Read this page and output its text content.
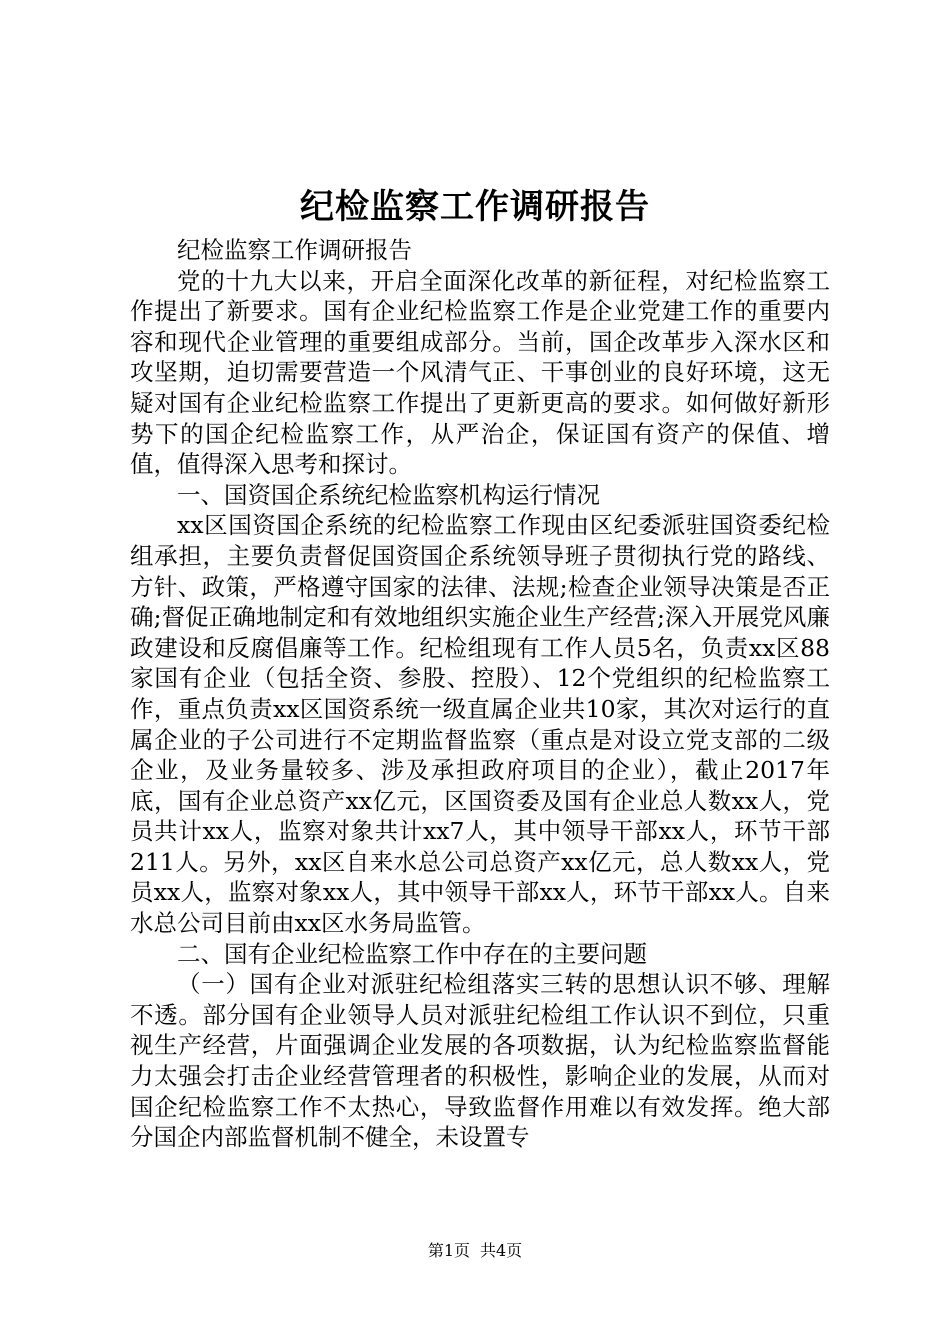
纪检监察工作调研报告

纪检监察工作调研报告

党的十九大以来，开启全面深化改革的新征程，对纪检监察工作提出了新要求。国有企业纪检监察工作是企业党建工作的重要内容和现代企业管理的重要组成部分。当前，国企改革步入深水区和攻坚期，迫切需要营造一个风清气正、干事创业的良好环境，这无疑对国有企业纪检监察工作提出了更新更高的要求。如何做好新形势下的国企纪检监察工作，从严治企，保证国有资产的保值、增值，值得深入思考和探讨。

一、国资国企系统纪检监察机构运行情况

xx区国资国企系统的纪检监察工作现由区纪委派驻国资委纪检组承担，主要负责督促国资国企系统领导班子贯彻执行党的路线、方针、政策，严格遵守国家的法律、法规;检查企业领导决策是否正确;督促正确地制定和有效地组织实施企业生产经营;深入开展党风廉政建设和反腐倡廉等工作。纪检组现有工作人员5名，负责xx区88家国有企业（包括全资、参股、控股）、12个党组织的纪检监察工作，重点负责xx区国资系统一级直属企业共10家，其次对运行的直属企业的子公司进行不定期监督监察（重点是对设立党支部的二级企业，及业务量较多、涉及承担政府项目的企业），截止2017年底，国有企业总资产xx亿元，区国资委及国有企业总人数xx人，党员共计xx人，监察对象共计xx7人，其中领导干部xx人，环节干部211人。另外，xx区自来水总公司总资产xx亿元，总人数xx人，党员xx人，监察对象xx人，其中领导干部xx人，环节干部xx人。自来水总公司目前由xx区水务局监管。

二、国有企业纪检监察工作中存在的主要问题

（一）国有企业对派驻纪检组落实三转的思想认识不够、理解不透。部分国有企业领导人员对派驻纪检组工作认识不到位，只重视生产经营，片面强调企业发展的各项数据，认为纪检监察监督能力太强会打击企业经营管理者的积极性，影响企业的发展，从而对国企纪检监察工作不太热心，导致监督作用难以有效发挥。绝大部分国企内部监督机制不健全，未设置专

第1页 共4页
